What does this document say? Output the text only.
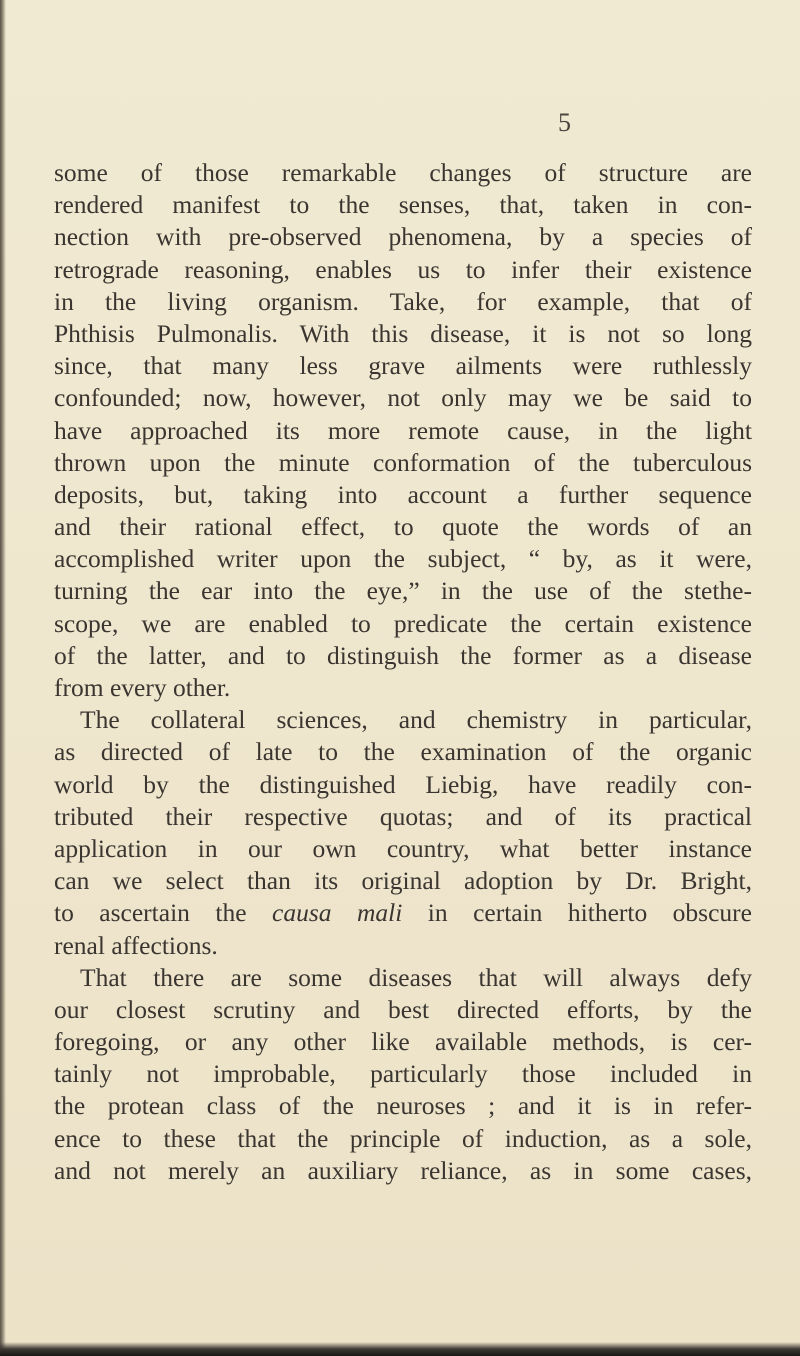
5
some of those remarkable changes of structure are
rendered manifest to the senses, that, taken in con-
nection with pre-observed phenomena, by a species of
retrograde reasoning, enables us to infer their existence
in the living organism. Take, for example, that of
Phthisis Pulmonalis. With this disease, it is not so long
since, that many less grave ailments were ruthlessly
confounded; now, however, not only may we be said to
have approached its more remote cause, in the light
thrown upon the minute conformation of the tuberculous
deposits, but, taking into account a further sequence
and their rational effect, to quote the words of an
accomplished writer upon the subject, “ by, as it were,
turning the ear into the eye,” in the use of the stethe-
scope, we are enabled to predicate the certain existence
of the latter, and to distinguish the former as a disease
from every other.
The collateral sciences, and chemistry in particular,
as directed of late to the examination of the organic
world by the distinguished Liebig, have readily con-
tributed their respective quotas; and of its practical
application in our own country, what better instance
can we select than its original adoption by Dr. Bright,
to ascertain the causa mali in certain hitherto obscure
renal affections.
That there are some diseases that will always defy
our closest scrutiny and best directed efforts, by the
foregoing, or any other like available methods, is cer-
tainly not improbable, particularly those included in
the protean class of the neuroses ; and it is in refer-
ence to these that the principle of induction, as a sole,
and not merely an auxiliary reliance, as in some cases,
